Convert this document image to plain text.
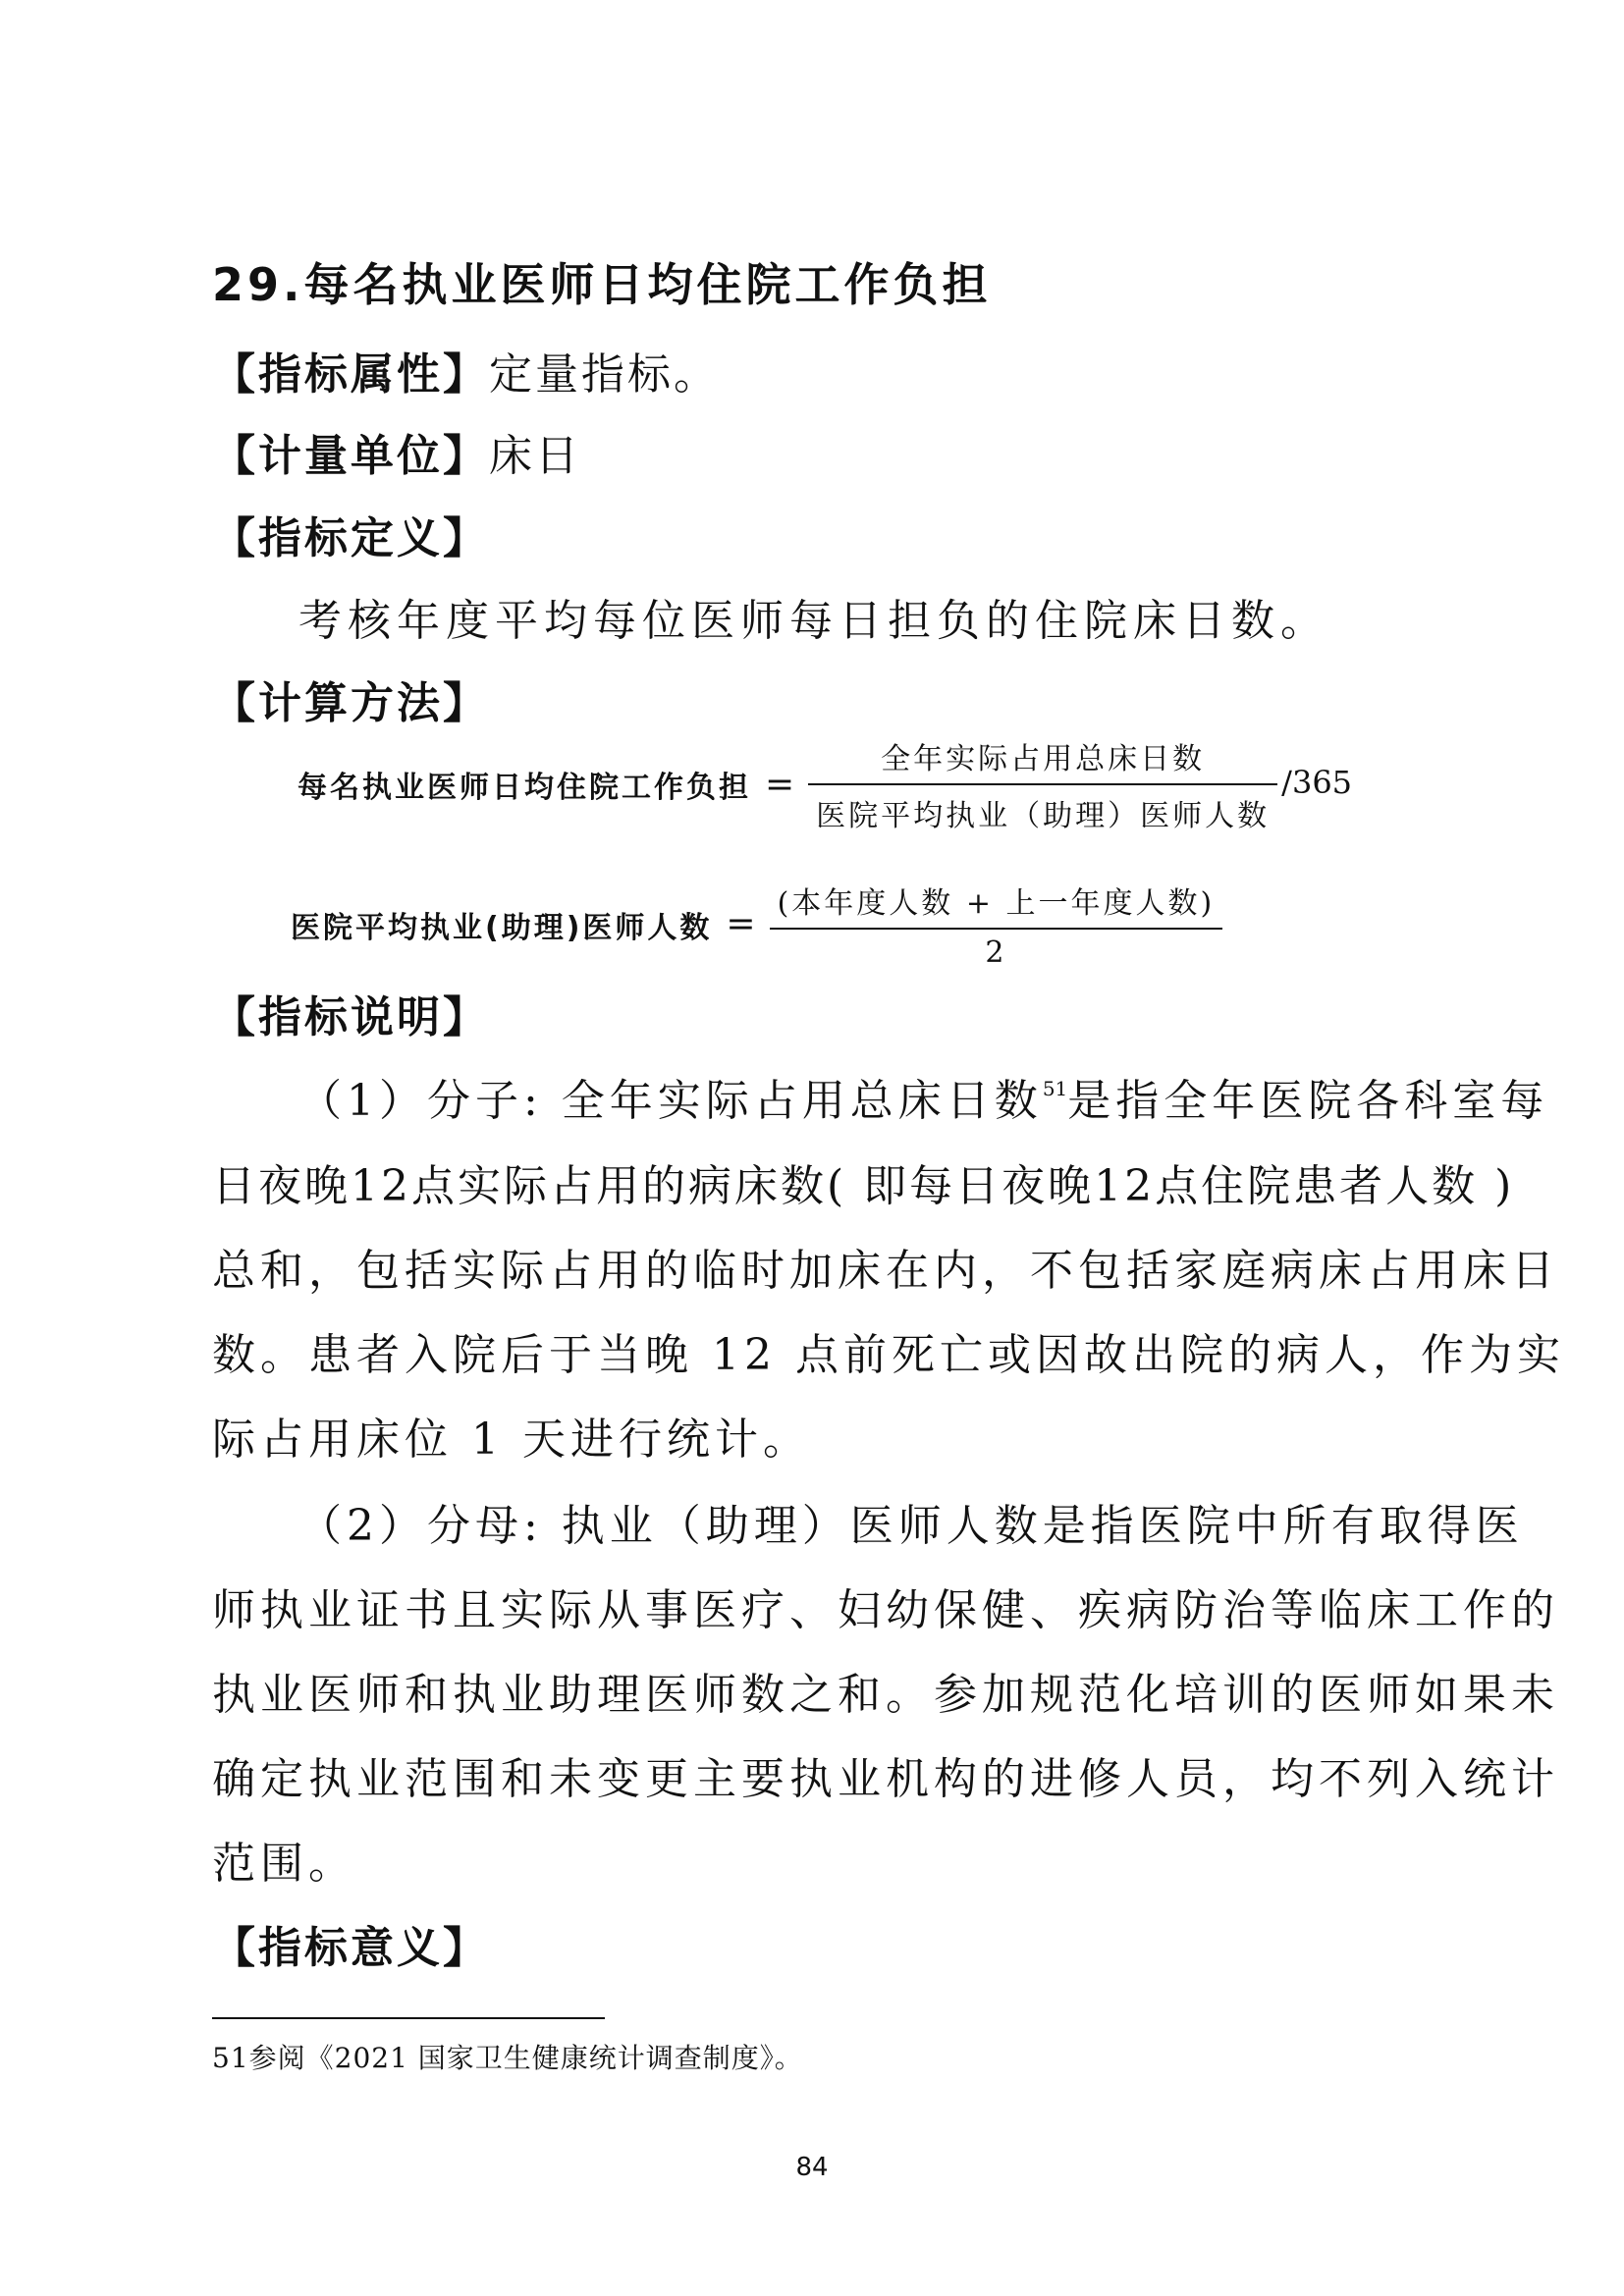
29.每名执业医师日均住院工作负担
【指标属性】定量指标。
【计量单位】床日
【指标定义】
考核年度平均每位医师每日担负的住院床日数。
【计算方法】
每名执业医师日均住院工作负担 = $\frac{\text{全年实际占用总床日数}}{\text{医院平均执业（助理）医师人数}} /365$
医院平均执业(助理)医师人数 = $\frac{\text{(本年度人数 + 上一年度人数)}}{2}$
【指标说明】
（1）分子: 全年实际占用总床日数$^{51}$是指全年医院各科室每
日夜晚12点实际占用的病床数( 即每日夜晚12点住院患者人数 )
总和，包括实际占用的临时加床在内，不包括家庭病床占用床日
数。患者入院后于当晚 12 点前死亡或因故出院的病人，作为实
际占用床位 1 天进行统计。
（2）分母: 执业（助理）医师人数是指医院中所有取得医
师执业证书且实际从事医疗、妇幼保健、疾病防治等临床工作的
执业医师和执业助理医师数之和。参加规范化培训的医师如果未
确定执业范围和未变更主要执业机构的进修人员，均不列入统计
范围。
【指标意义】
51参阅《2021 国家卫生健康统计调查制度》。
84
